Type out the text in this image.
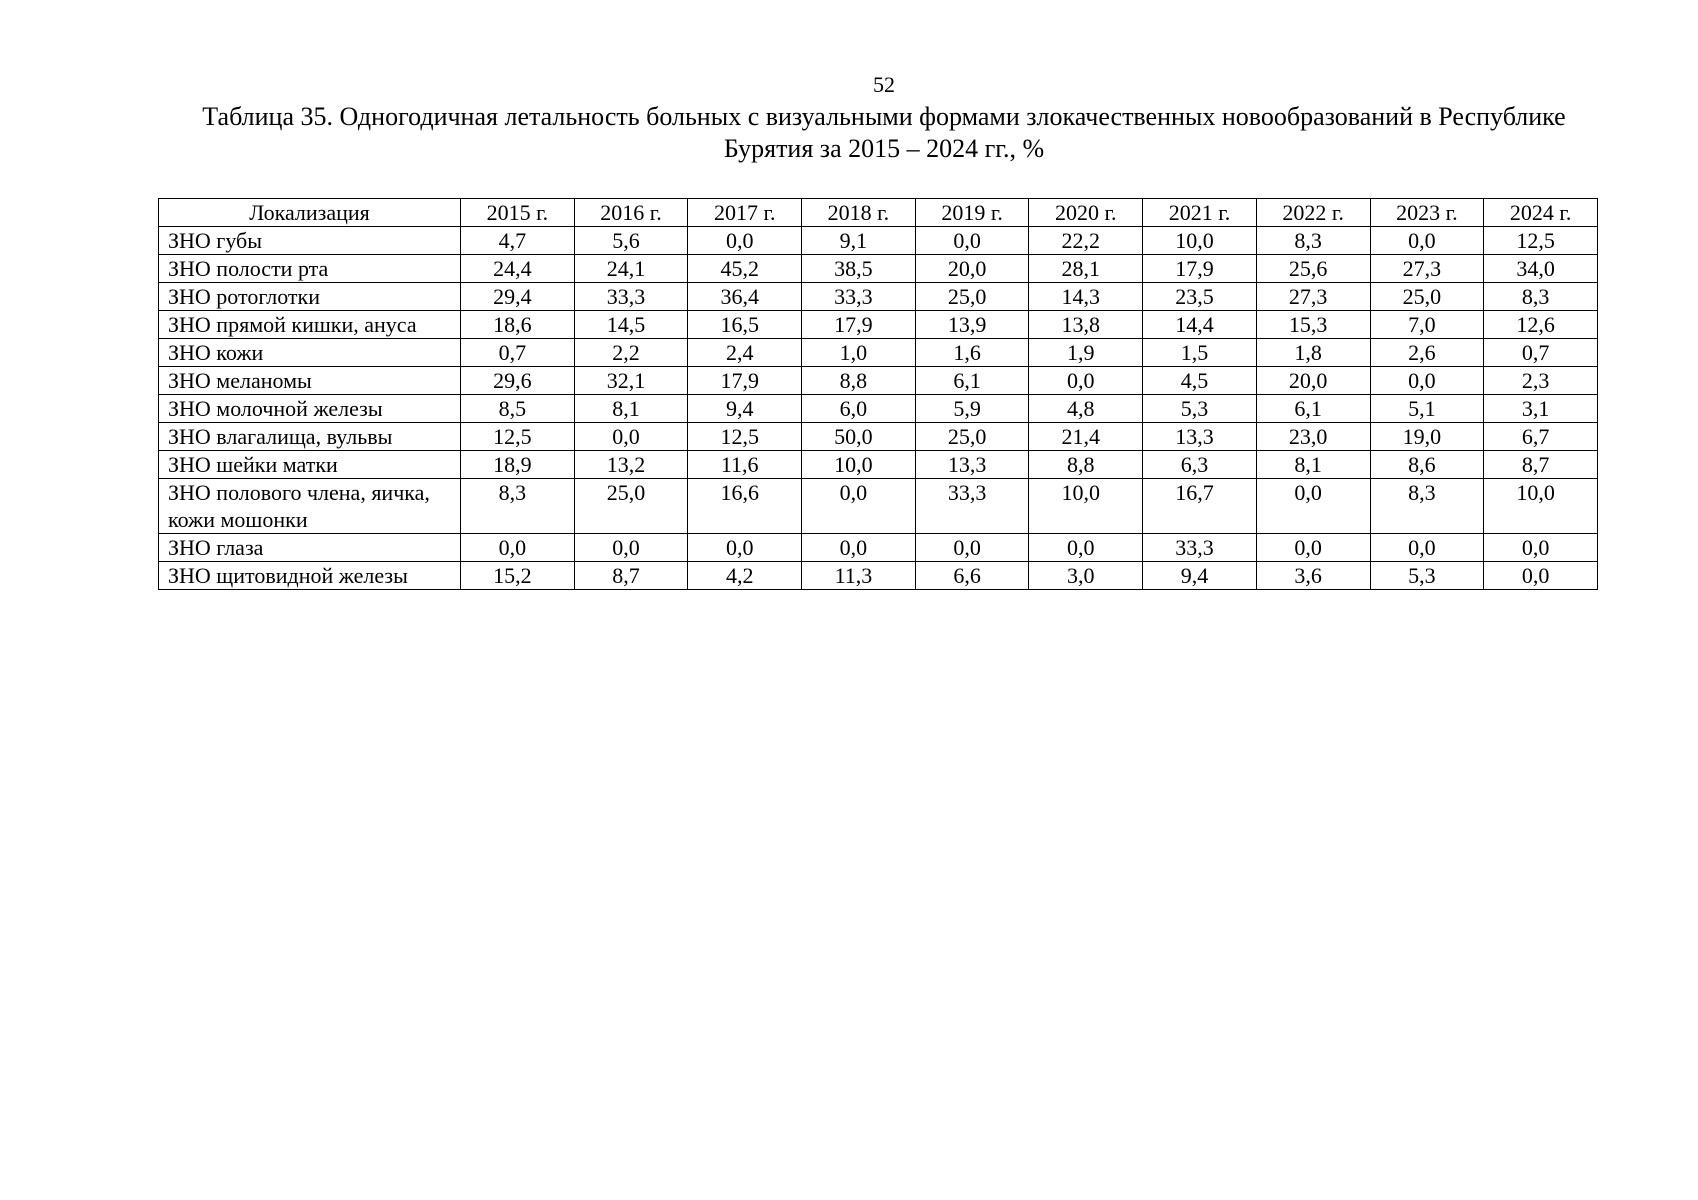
52
Таблица 35. Одногодичная летальность больных с визуальными формами злокачественных новообразований в Республике Бурятия за 2015 – 2024 гг., %
Локализация	2015 г.	2016 г.	2017 г.	2018 г.	2019 г.	2020 г.	2021 г.	2022 г.	2023 г.	2024 г.
ЗНО губы	4,7	5,6	0,0	9,1	0,0	22,2	10,0	8,3	0,0	12,5
ЗНО полости рта	24,4	24,1	45,2	38,5	20,0	28,1	17,9	25,6	27,3	34,0
ЗНО ротоглотки	29,4	33,3	36,4	33,3	25,0	14,3	23,5	27,3	25,0	8,3
ЗНО прямой кишки, ануса	18,6	14,5	16,5	17,9	13,9	13,8	14,4	15,3	7,0	12,6
ЗНО кожи	0,7	2,2	2,4	1,0	1,6	1,9	1,5	1,8	2,6	0,7
ЗНО меланомы	29,6	32,1	17,9	8,8	6,1	0,0	4,5	20,0	0,0	2,3
ЗНО молочной железы	8,5	8,1	9,4	6,0	5,9	4,8	5,3	6,1	5,1	3,1
ЗНО влагалища, вульвы	12,5	0,0	12,5	50,0	25,0	21,4	13,3	23,0	19,0	6,7
ЗНО шейки матки	18,9	13,2	11,6	10,0	13,3	8,8	6,3	8,1	8,6	8,7
ЗНО полового члена, яичка, кожи мошонки	8,3	25,0	16,6	0,0	33,3	10,0	16,7	0,0	8,3	10,0
ЗНО глаза	0,0	0,0	0,0	0,0	0,0	0,0	33,3	0,0	0,0	0,0
ЗНО щитовидной железы	15,2	8,7	4,2	11,3	6,6	3,0	9,4	3,6	5,3	0,0
